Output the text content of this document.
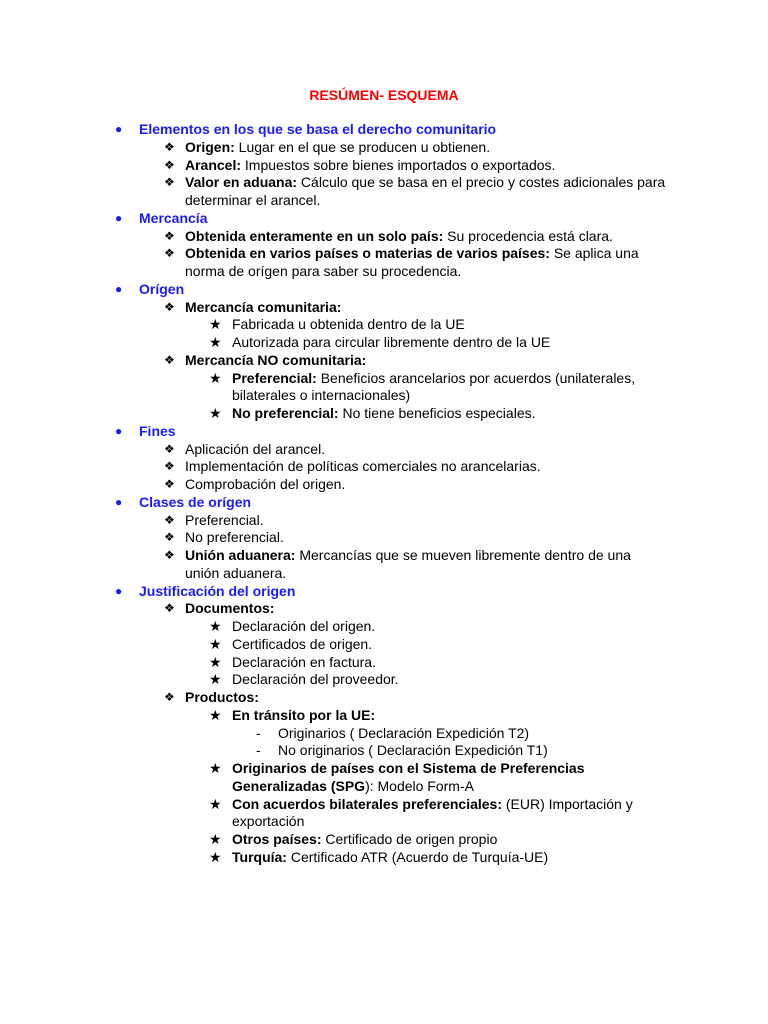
RESÚMEN- ESQUEMA
● Elementos en los que se basa el derecho comunitario
❖ Origen: Lugar en el que se producen u obtienen.
❖ Arancel: Impuestos sobre bienes importados o exportados.
❖ Valor en aduana: Cálculo que se basa en el precio y costes adicionales para
determinar el arancel.
● Mercancía
❖ Obtenida enteramente en un solo país: Su procedencia está clara.
❖ Obtenida en varios países o materias de varios países: Se aplica una
norma de orígen para saber su procedencia.
● Orígen
❖ Mercancía comunitaria:
★ Fabricada u obtenida dentro de la UE
★ Autorizada para circular libremente dentro de la UE
❖ Mercancía NO comunitaria:
★ Preferencial: Beneficios arancelarios por acuerdos (unilaterales,
bilaterales o internacionales)
★ No preferencial: No tiene beneficios especiales.
● Fines
❖ Aplicación del arancel.
❖ Implementación de políticas comerciales no arancelarias.
❖ Comprobación del origen.
● Clases de orígen
❖ Preferencial.
❖ No preferencial.
❖ Unión aduanera: Mercancías que se mueven libremente dentro de una
unión aduanera.
● Justificación del origen
❖ Documentos:
★ Declaración del origen.
★ Certificados de origen.
★ Declaración en factura.
★ Declaración del proveedor.
❖ Productos:
★ En tránsito por la UE:
- Originarios ( Declaración Expedición T2)
- No originarios ( Declaración Expedición T1)
★ Originarios de países con el Sistema de Preferencias
Generalizadas (SPG): Modelo Form-A
★ Con acuerdos bilaterales preferenciales: (EUR) Importación y
exportación
★ Otros países: Certificado de origen propio
★ Turquía: Certificado ATR (Acuerdo de Turquía-UE)
